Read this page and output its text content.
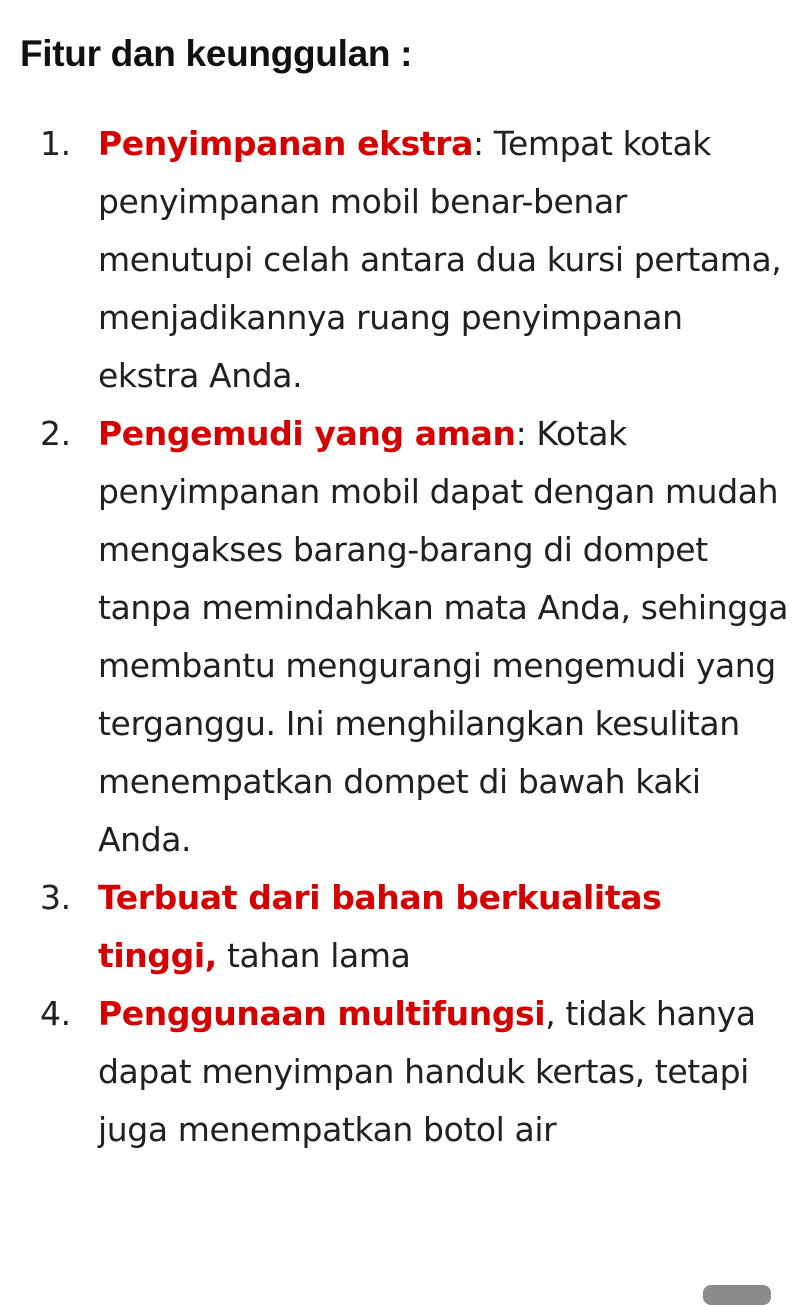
Fitur dan keunggulan :
1. Penyimpanan ekstra: Tempat kotak penyimpanan mobil benar-benar menutupi celah antara dua kursi pertama, menjadikannya ruang penyimpanan ekstra Anda.
2. Pengemudi yang aman: Kotak penyimpanan mobil dapat dengan mudah mengakses barang-barang di dompet tanpa memindahkan mata Anda, sehingga membantu mengurangi mengemudi yang terganggu. Ini menghilangkan kesulitan menempatkan dompet di bawah kaki Anda.
3. Terbuat dari bahan berkualitas tinggi, tahan lama
4. Penggunaan multifungsi, tidak hanya dapat menyimpan handuk kertas, tetapi juga menempatkan botol air
